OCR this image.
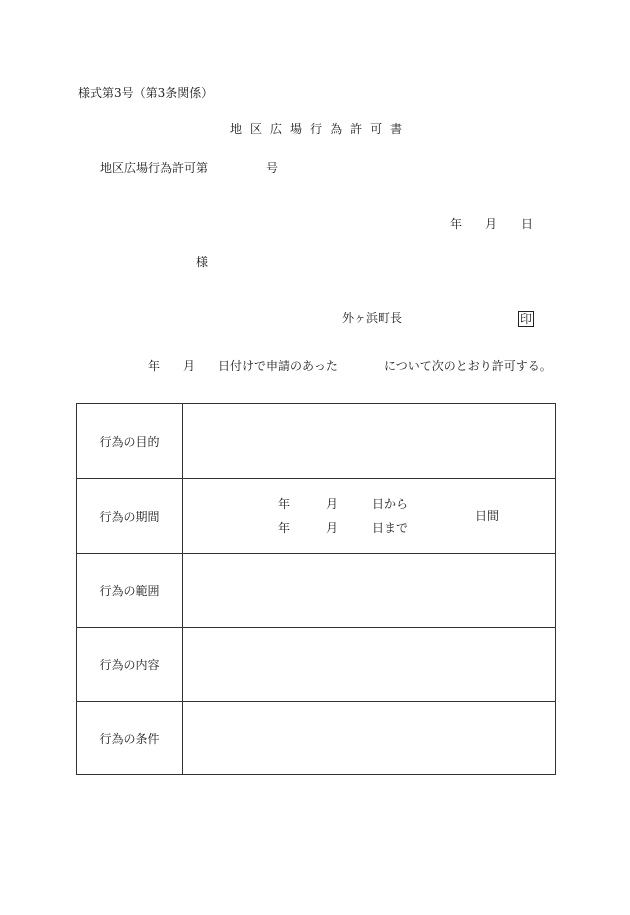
様式第3号（第3条関係）
地 区 広 場 行 為 許 可 書
地区広場行為許可第	号
年 月 日
様
外ヶ浜町長	印
年 月 日付けで申請のあった	について次のとおり許可する。
行為の目的
行為の期間
年	月	日から
年	月	日まで
日間
行為の範囲
行為の内容
行為の条件
